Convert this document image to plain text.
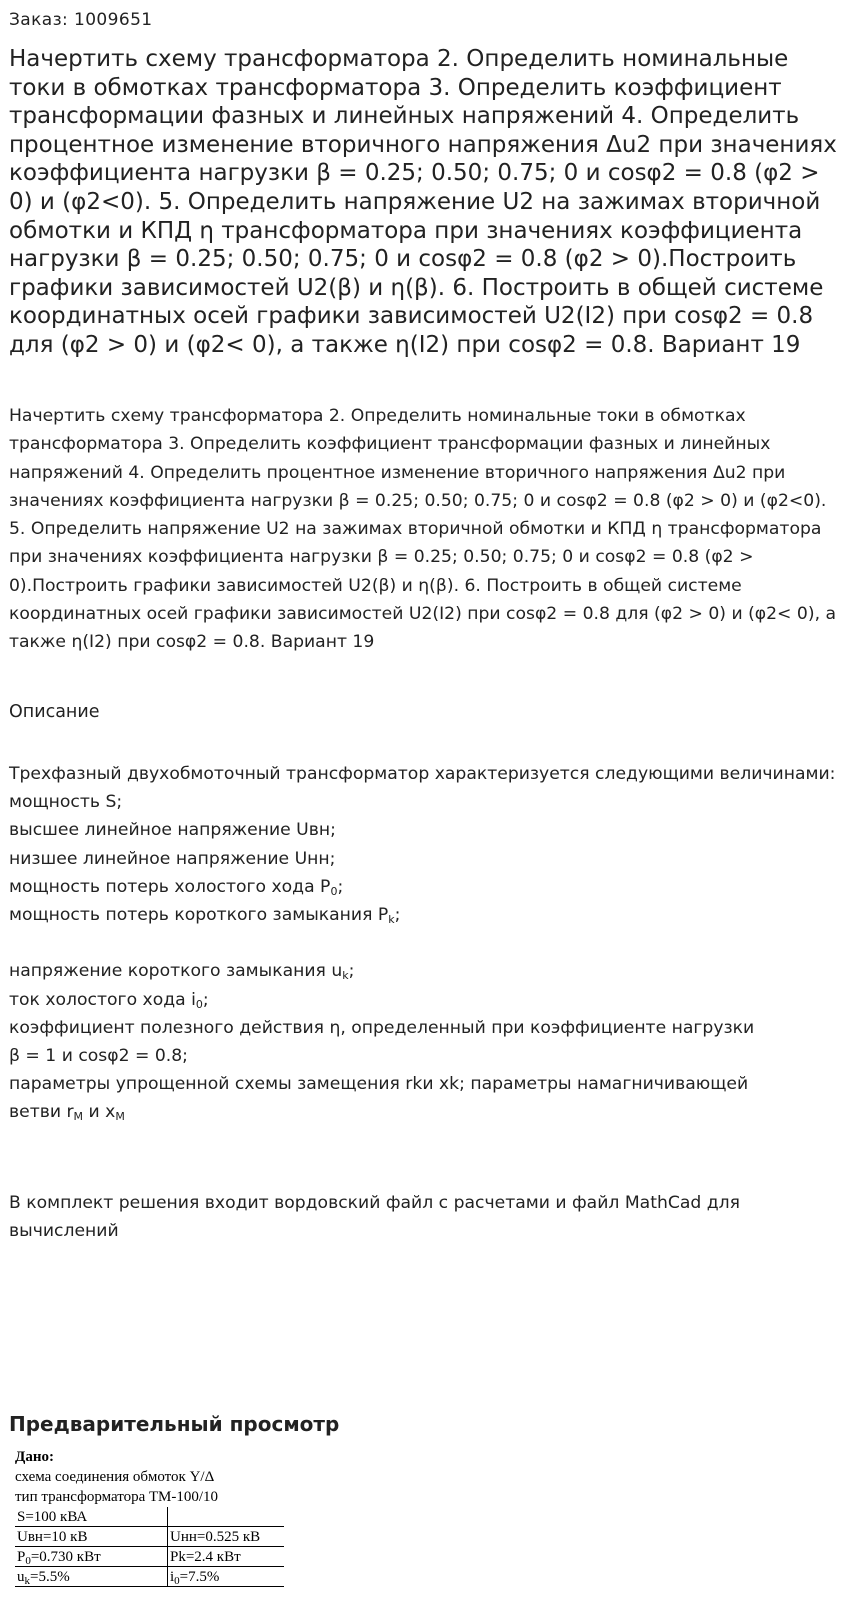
Заказ: 1009651
Начертить схему трансформатора 2. Определить номинальные токи в обмотках трансформатора 3. Определить коэффициент трансформации фазных и линейных напряжений 4. Определить процентное изменение вторичного напряжения Δu2 при значениях коэффициента нагрузки β = 0.25; 0.50; 0.75; 0 и cosφ2 = 0.8 (φ2 > 0) и (φ2<0). 5. Определить напряжение U2 на зажимах вторичной обмотки и КПД η трансформатора при значениях коэффициента нагрузки β = 0.25; 0.50; 0.75; 0 и cosφ2 = 0.8 (φ2 > 0).Построить графики зависимостей U2(β) и η(β). 6. Построить в общей системе координатных осей графики зависимостей U2(I2) при cosφ2 = 0.8 для (φ2 > 0) и (φ2< 0), а также η(I2) при cosφ2 = 0.8. Вариант 19

Начертить схему трансформатора 2. Определить номинальные токи в обмотках трансформатора 3. Определить коэффициент трансформации фазных и линейных напряжений 4. Определить процентное изменение вторичного напряжения Δu2 при значениях коэффициента нагрузки β = 0.25; 0.50; 0.75; 0 и cosφ2 = 0.8 (φ2 > 0) и (φ2<0). 5. Определить напряжение U2 на зажимах вторичной обмотки и КПД η трансформатора при значениях коэффициента нагрузки β = 0.25; 0.50; 0.75; 0 и cosφ2 = 0.8 (φ2 > 0).Построить графики зависимостей U2(β) и η(β). 6. Построить в общей системе координатных осей графики зависимостей U2(I2) при cosφ2 = 0.8 для (φ2 > 0) и (φ2< 0), а также η(I2) при cosφ2 = 0.8. Вариант 19

Описание
Трехфазный двухобмоточный трансформатор характеризуется следующими величинами:
мощность S;
высшее линейное напряжение Uвн;
низшее линейное напряжение Uнн;
мощность потерь холостого хода $P_0$;
мощность потерь короткого замыкания $P_k$;
напряжение короткого замыкания $u_k$;
ток холостого хода $i_0$;
коэффициент полезного действия η, определенный при коэффициенте нагрузки
β = 1 и cosφ2 = 0.8;
параметры упрощенной схемы замещения rkи xk; параметры намагничивающей
ветви $r_M$ и $x_M$
В комплект решения входит вордовский файл с расчетами и файл MathCad для вычислений
Предварительный просмотр
Дано:
схема соединения обмоток Y/Δ
тип трансформатора ТМ-100/10
S=100 кВА	
Uвн=10 кВ	Uнн=0.525 кВ
$P_0=0.730$ кВт	Pk=2.4 кВт
$u_k=5.5\%$	$i_0=7.5\%$
